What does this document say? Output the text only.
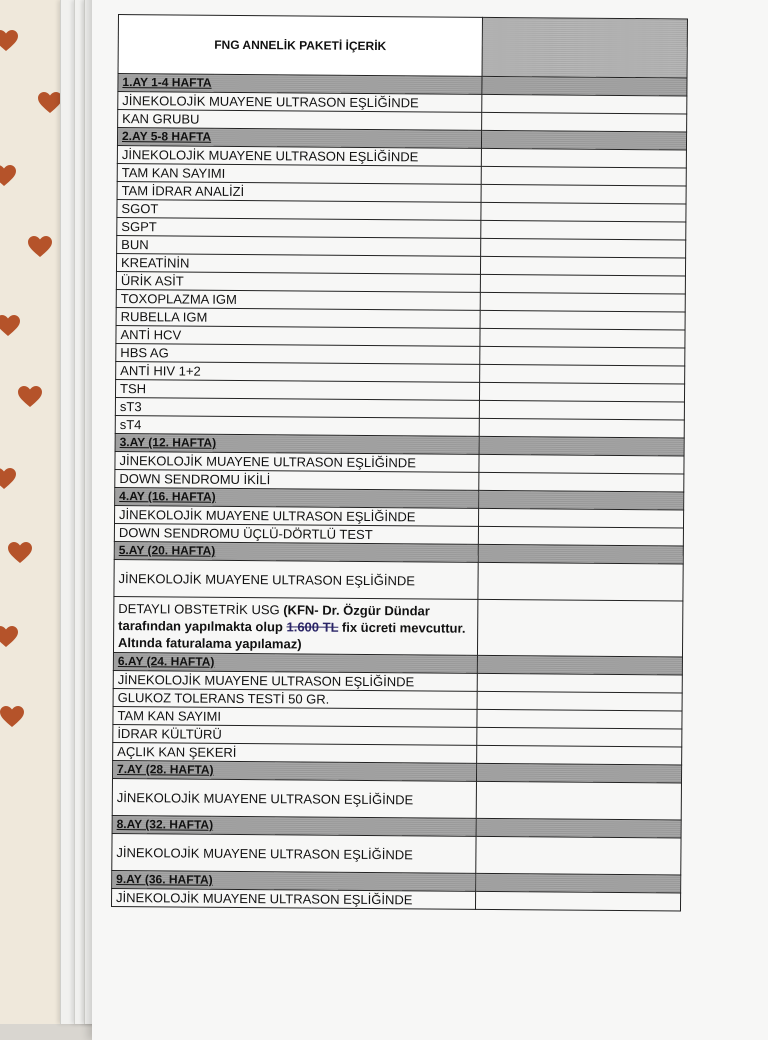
FNG ANNELİK PAKETİ İÇERİK	
1.AY 1-4 HAFTA	
JİNEKOLOJİK MUAYENE ULTRASON EŞLİĞİNDE	
KAN GRUBU	
2.AY 5-8 HAFTA	
JİNEKOLOJİK MUAYENE ULTRASON EŞLİĞİNDE	
TAM KAN SAYIMI	
TAM İDRAR ANALİZİ	
SGOT	
SGPT	
BUN	
KREATİNİN	
ÜRİK ASİT	
TOXOPLAZMA IGM	
RUBELLA IGM	
ANTİ HCV	
HBS AG	
ANTİ HIV 1+2	
TSH	
sT3	
sT4	
3.AY (12. HAFTA)	
JİNEKOLOJİK MUAYENE ULTRASON EŞLİĞİNDE	
DOWN SENDROMU İKİLİ	
4.AY (16. HAFTA)	
JİNEKOLOJİK MUAYENE ULTRASON EŞLİĞİNDE	
DOWN SENDROMU ÜÇLÜ-DÖRTLÜ TEST	
5.AY (20. HAFTA)	
JİNEKOLOJİK MUAYENE ULTRASON EŞLİĞİNDE	
DETAYLI OBSTETRİK USG (KFN- Dr. Özgür Dündar tarafından yapılmakta olup 1.600 TL fix ücreti mevcuttur. Altında faturalama yapılamaz)	
6.AY (24. HAFTA)	
JİNEKOLOJİK MUAYENE ULTRASON EŞLİĞİNDE	
GLUKOZ TOLERANS TESTİ 50 GR.	
TAM KAN SAYIMI	
İDRAR KÜLTÜRÜ	
AÇLIK KAN ŞEKERİ	
7.AY (28. HAFTA)	
JİNEKOLOJİK MUAYENE ULTRASON EŞLİĞİNDE	
8.AY (32. HAFTA)	
JİNEKOLOJİK MUAYENE ULTRASON EŞLİĞİNDE	
9.AY (36. HAFTA)	
JİNEKOLOJİK MUAYENE ULTRASON EŞLİĞİNDE	
